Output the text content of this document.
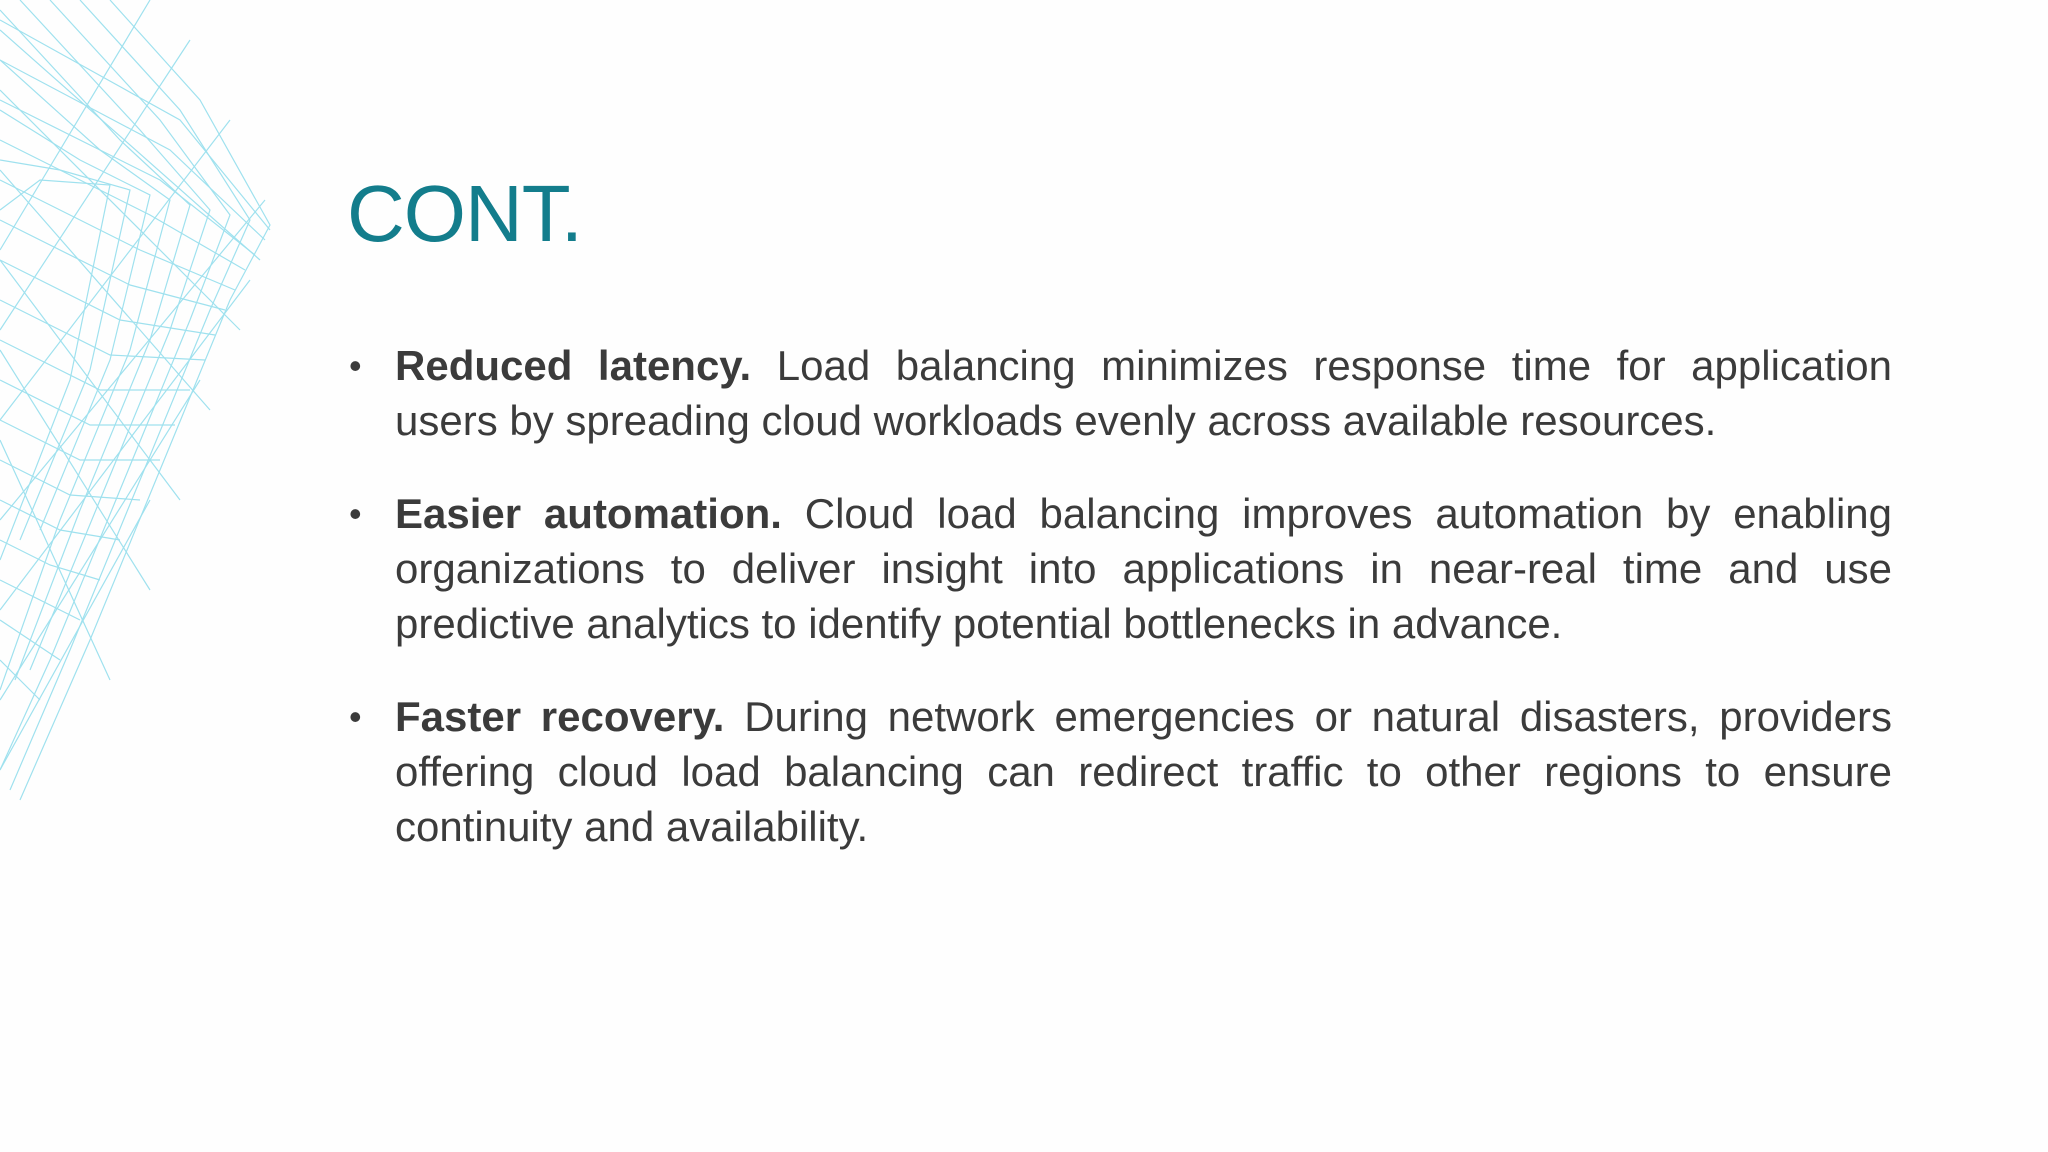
CONT.
• Reduced latency. Load balancing minimizes response time for application users by spreading cloud workloads evenly across available resources.
• Easier automation. Cloud load balancing improves automation by enabling organizations to deliver insight into applications in near-real time and use predictive analytics to identify potential bottlenecks in advance.
• Faster recovery. During network emergencies or natural disasters, providers offering cloud load balancing can redirect traffic to other regions to ensure continuity and availability.
